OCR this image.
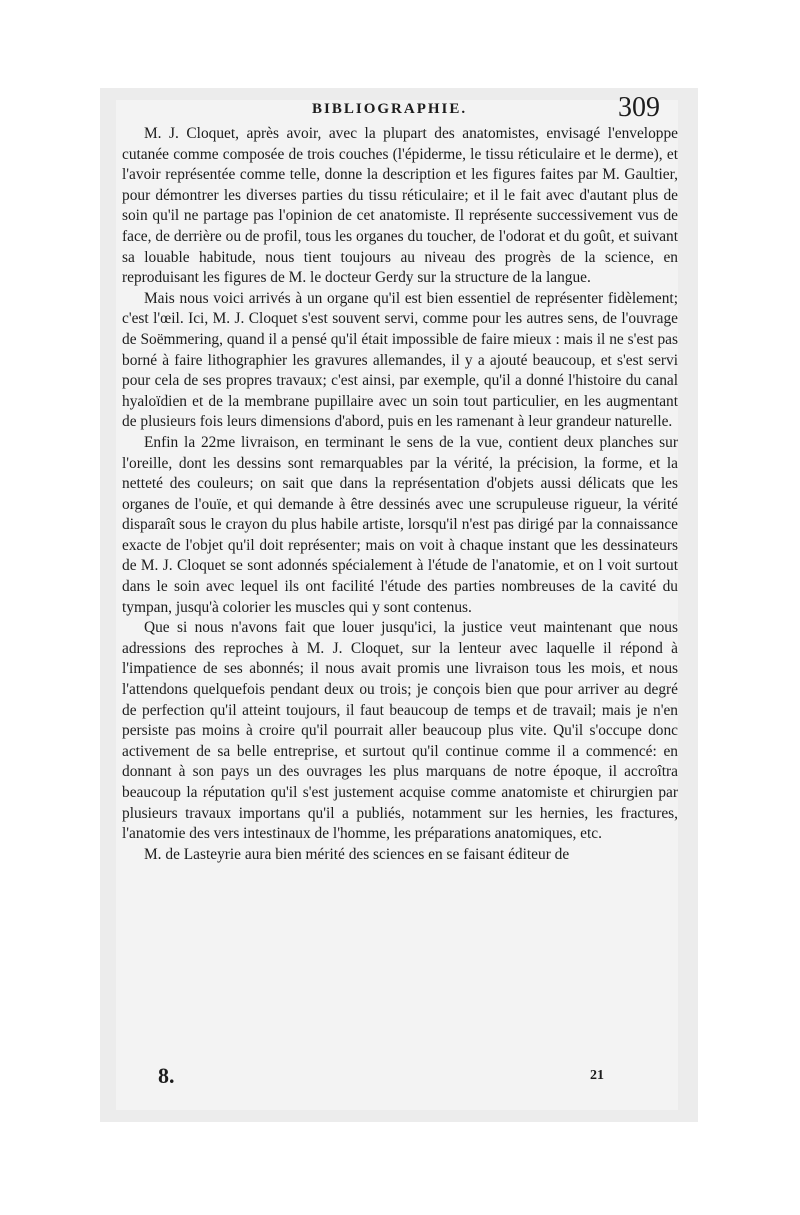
BIBLIOGRAPHIE.	309

M. J. Cloquet, après avoir, avec la plupart des anatomistes, envisagé l'enveloppe cutanée comme composée de trois couches (l'épiderme, le tissu réticulaire et le derme), et l'avoir représentée comme telle, donne la description et les figures faites par M. Gaultier, pour démontrer les diverses parties du tissu réticulaire; et il le fait avec d'autant plus de soin qu'il ne partage pas l'opinion de cet anatomiste. Il représente successivement vus de face, de derrière ou de profil, tous les organes du toucher, de l'odorat et du goût, et suivant sa louable habitude, nous tient toujours au niveau des progrès de la science, en reproduisant les figures de M. le docteur Gerdy sur la structure de la langue.

Mais nous voici arrivés à un organe qu'il est bien essentiel de représenter fidèlement; c'est l'œil. Ici, M. J. Cloquet s'est souvent servi, comme pour les autres sens, de l'ouvrage de Soëmmering, quand il a pensé qu'il était impossible de faire mieux : mais il ne s'est pas borné à faire lithographier les gravures allemandes, il y a ajouté beaucoup, et s'est servi pour cela de ses propres travaux; c'est ainsi, par exemple, qu'il a donné l'histoire du canal hyaloïdien et de la membrane pupillaire avec un soin tout particulier, en les augmentant de plusieurs fois leurs dimensions d'abord, puis en les ramenant à leur grandeur naturelle.

Enfin la 22me livraison, en terminant le sens de la vue, contient deux planches sur l'oreille, dont les dessins sont remarquables par la vérité, la précision, la forme, et la netteté des couleurs; on sait que dans la représentation d'objets aussi délicats que les organes de l'ouïe, et qui demande à être dessinés avec une scrupuleuse rigueur, la vérité disparaît sous le crayon du plus habile artiste, lorsqu'il n'est pas dirigé par la connaissance exacte de l'objet qu'il doit représenter; mais on voit à chaque instant que les dessinateurs de M. J. Cloquet se sont adonnés spécialement à l'étude de l'anatomie, et on l voit surtout dans le soin avec lequel ils ont facilité l'étude des parties nombreuses de la cavité du tympan, jusqu'à colorier les muscles qui y sont contenus.

Que si nous n'avons fait que louer jusqu'ici, la justice veut maintenant que nous adressions des reproches à M. J. Cloquet, sur la lenteur avec laquelle il répond à l'impatience de ses abonnés; il nous avait promis une livraison tous les mois, et nous l'attendons quelquefois pendant deux ou trois; je conçois bien que pour arriver au degré de perfection qu'il atteint toujours, il faut beaucoup de temps et de travail; mais je n'en persiste pas moins à croire qu'il pourrait aller beaucoup plus vite. Qu'il s'occupe donc activement de sa belle entreprise, et surtout qu'il continue comme il a commencé: en donnant à son pays un des ouvrages les plus marquans de notre époque, il accroîtra beaucoup la réputation qu'il s'est justement acquise comme anatomiste et chirurgien par plusieurs travaux importans qu'il a publiés, notamment sur les hernies, les fractures, l'anatomie des vers intestinaux de l'homme, les préparations anatomiques, etc.

M. de Lasteyrie aura bien mérité des sciences en se faisant éditeur de

8.	21
